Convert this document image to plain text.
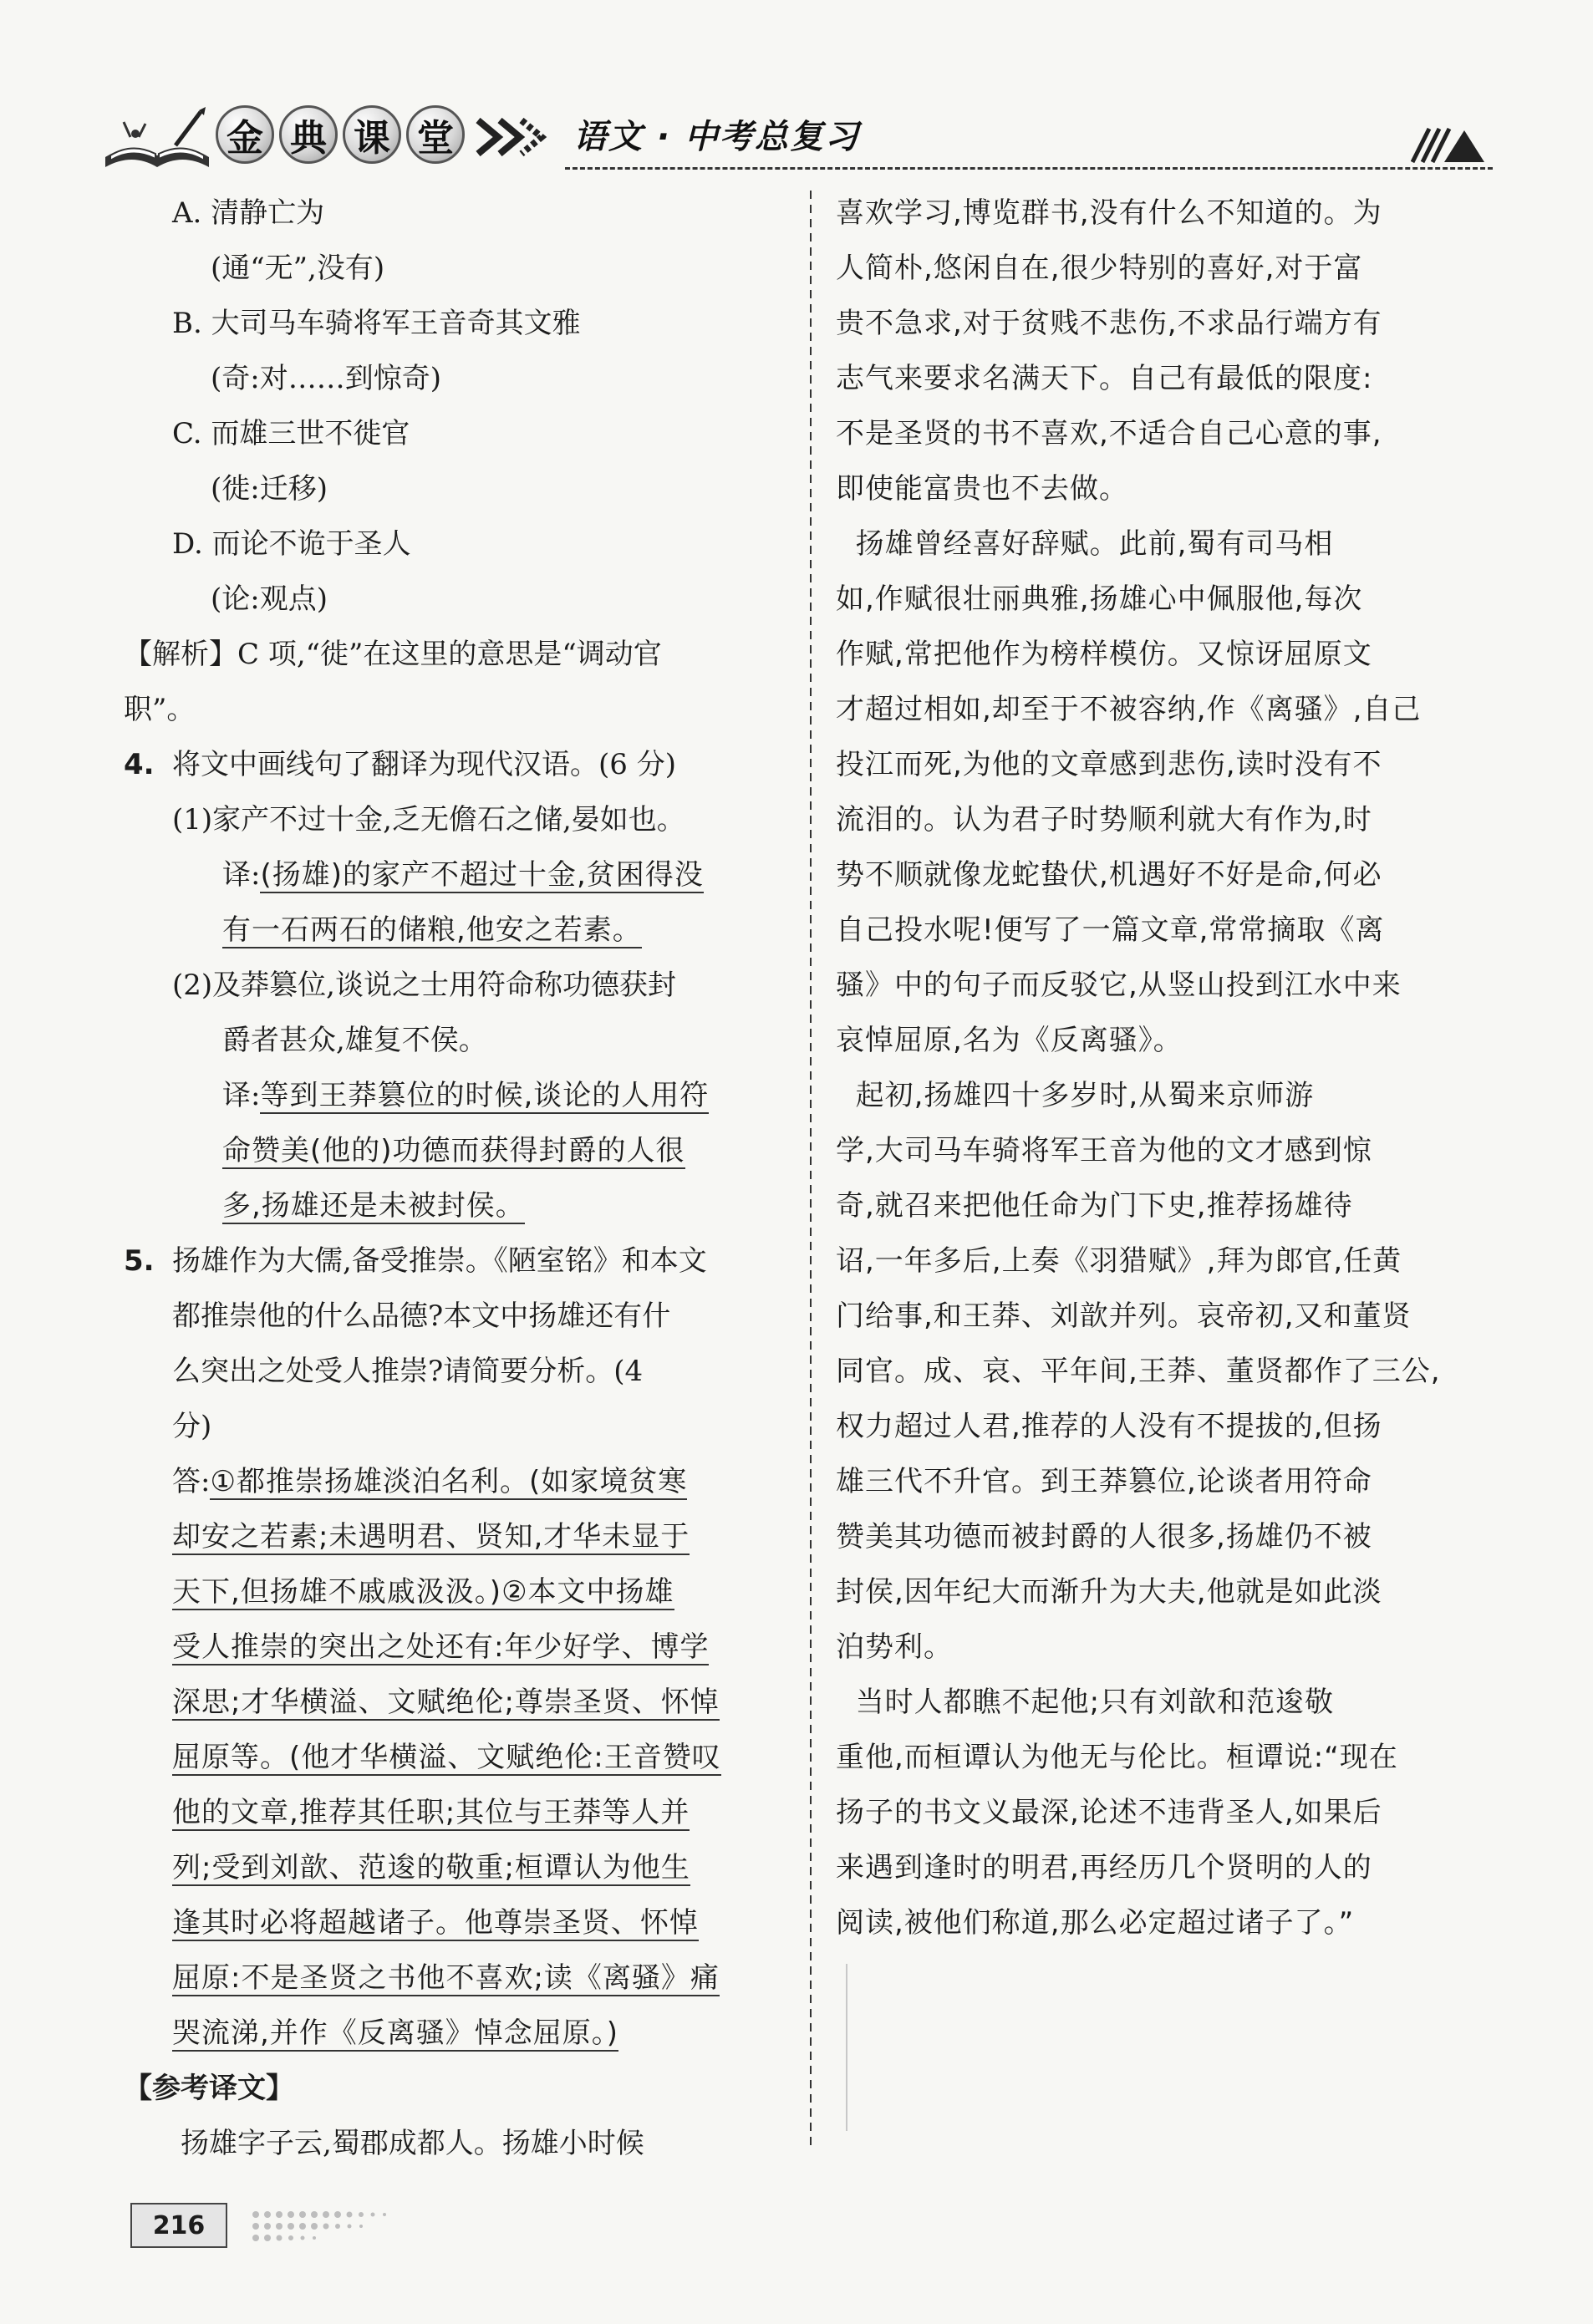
金 典 课 堂	语文 · 中考总复习
A. 清静亡为
(通“无”,没有)
B. 大司马车骑将军王音奇其文雅
(奇:对……到惊奇)
C. 而雄三世不徙官
(徙:迁移)
D. 而论不诡于圣人
(论:观点)
【解析】C 项,“徙”在这里的意思是“调动官
职”。
4. 将文中画线句了翻译为现代汉语。(6 分)
(1)家产不过十金,乏无儋石之储,晏如也。
译:(扬雄)的家产不超过十金,贫困得没
有一石两石的储粮,他安之若素。
(2)及莽篡位,谈说之士用符命称功德获封
爵者甚众,雄复不侯。
译:等到王莽篡位的时候,谈论的人用符
命赞美(他的)功德而获得封爵的人很
多,扬雄还是未被封侯。
5. 扬雄作为大儒,备受推崇。《陋室铭》和本文
都推崇他的什么品德?本文中扬雄还有什
么突出之处受人推崇?请简要分析。(4
分)
答:①都推崇扬雄淡泊名利。(如家境贫寒
却安之若素;未遇明君、贤知,才华未显于
天下,但扬雄不戚戚汲汲。)②本文中扬雄
受人推崇的突出之处还有:年少好学、博学
深思;才华横溢、文赋绝伦;尊崇圣贤、怀悼
屈原等。(他才华横溢、文赋绝伦:王音赞叹
他的文章,推荐其任职;其位与王莽等人并
列;受到刘歆、范逡的敬重;桓谭认为他生
逢其时必将超越诸子。他尊崇圣贤、怀悼
屈原:不是圣贤之书他不喜欢;读《离骚》痛
哭流涕,并作《反离骚》悼念屈原。)
【参考译文】
扬雄字子云,蜀郡成都人。扬雄小时候
喜欢学习,博览群书,没有什么不知道的。为
人简朴,悠闲自在,很少特别的喜好,对于富
贵不急求,对于贫贱不悲伤,不求品行端方有
志气来要求名满天下。自己有最低的限度:
不是圣贤的书不喜欢,不适合自己心意的事,
即使能富贵也不去做。
扬雄曾经喜好辞赋。此前,蜀有司马相
如,作赋很壮丽典雅,扬雄心中佩服他,每次
作赋,常把他作为榜样模仿。又惊讶屈原文
才超过相如,却至于不被容纳,作《离骚》,自己
投江而死,为他的文章感到悲伤,读时没有不
流泪的。认为君子时势顺利就大有作为,时
势不顺就像龙蛇蛰伏,机遇好不好是命,何必
自己投水呢!便写了一篇文章,常常摘取《离
骚》中的句子而反驳它,从竖山投到江水中来
哀悼屈原,名为《反离骚》。
起初,扬雄四十多岁时,从蜀来京师游
学,大司马车骑将军王音为他的文才感到惊
奇,就召来把他任命为门下史,推荐扬雄待
诏,一年多后,上奏《羽猎赋》,拜为郎官,任黄
门给事,和王莽、刘歆并列。哀帝初,又和董贤
同官。成、哀、平年间,王莽、董贤都作了三公,
权力超过人君,推荐的人没有不提拔的,但扬
雄三代不升官。到王莽篡位,论谈者用符命
赞美其功德而被封爵的人很多,扬雄仍不被
封侯,因年纪大而渐升为大夫,他就是如此淡
泊势利。
当时人都瞧不起他;只有刘歆和范逡敬
重他,而桓谭认为他无与伦比。桓谭说:“现在
扬子的书文义最深,论述不违背圣人,如果后
来遇到逢时的明君,再经历几个贤明的人的
阅读,被他们称道,那么必定超过诸子了。”
216
